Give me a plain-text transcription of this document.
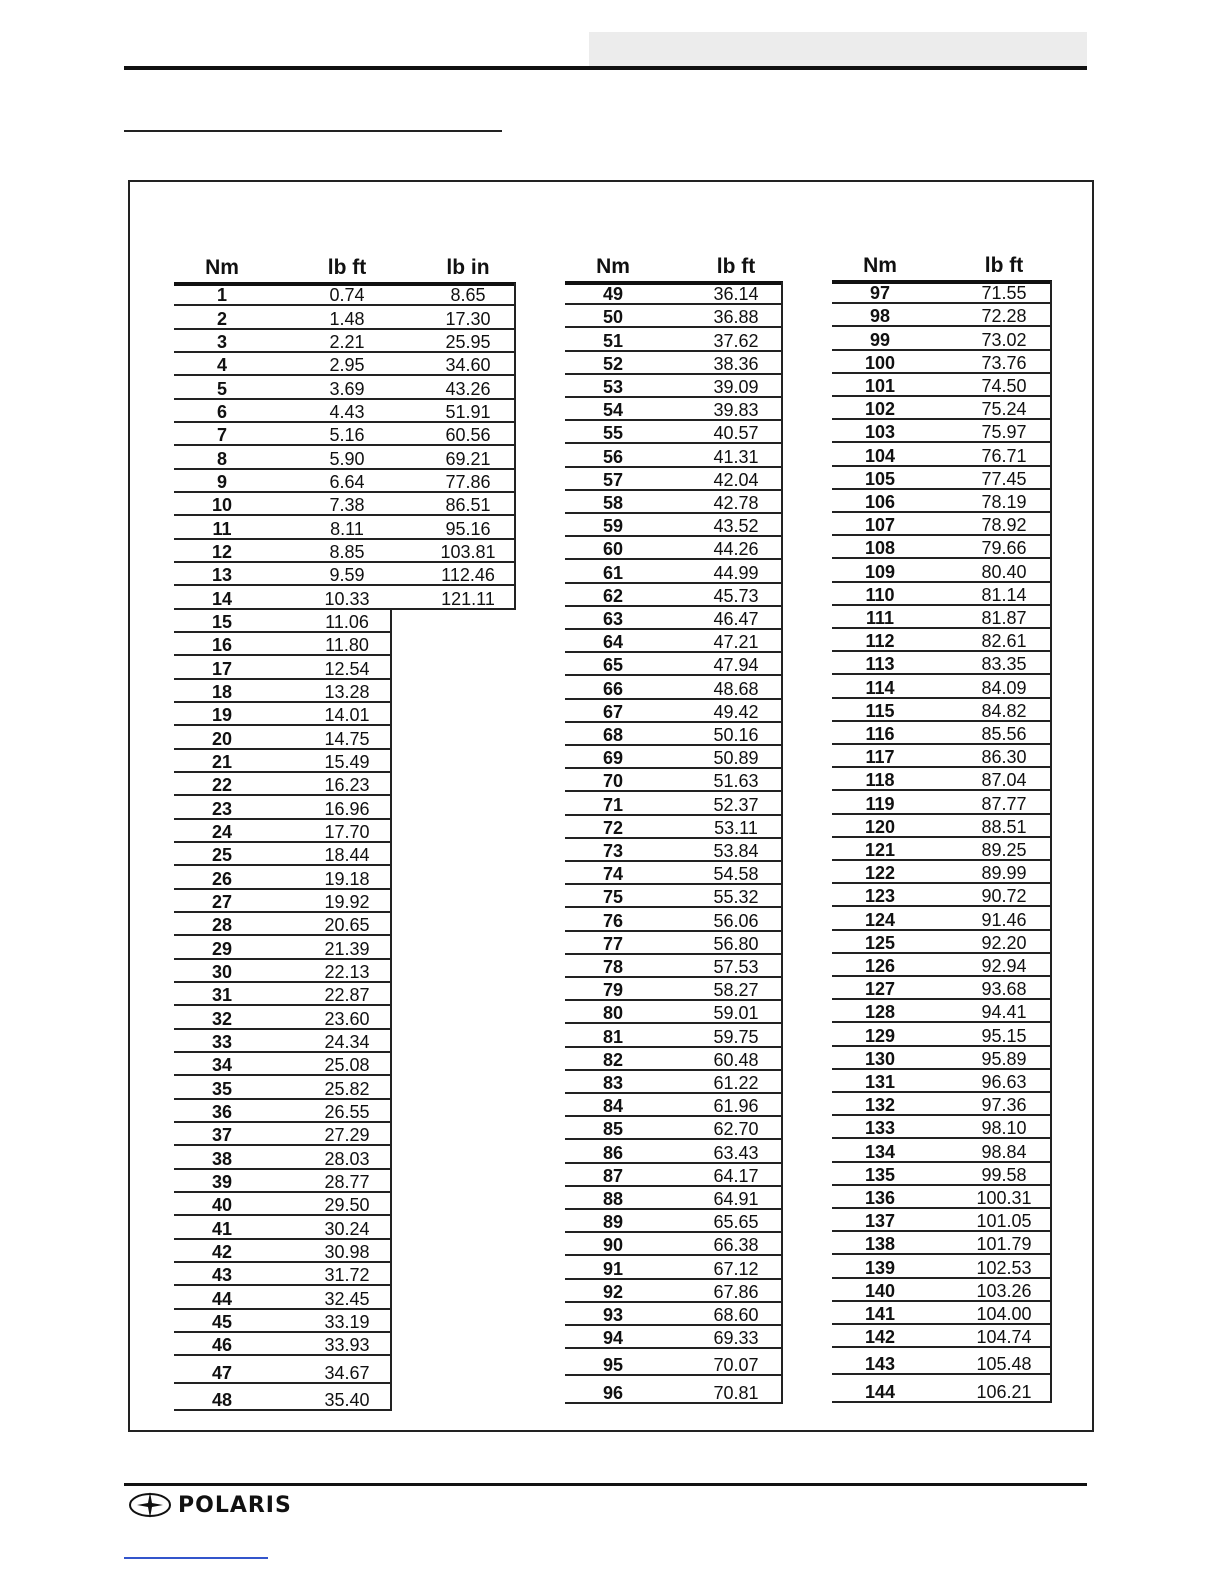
Nm	lb ft	lb in
1	0.74	8.65
2	1.48	17.30
3	2.21	25.95
4	2.95	34.60
5	3.69	43.26
6	4.43	51.91
7	5.16	60.56
8	5.90	69.21
9	6.64	77.86
10	7.38	86.51
11	8.11	95.16
12	8.85	103.81
13	9.59	112.46
14	10.33	121.11
15	11.06
16	11.80
17	12.54
18	13.28
19	14.01
20	14.75
21	15.49
22	16.23
23	16.96
24	17.70
25	18.44
26	19.18
27	19.92
28	20.65
29	21.39
30	22.13
31	22.87
32	23.60
33	24.34
34	25.08
35	25.82
36	26.55
37	27.29
38	28.03
39	28.77
40	29.50
41	30.24
42	30.98
43	31.72
44	32.45
45	33.19
46	33.93
47	34.67
48	35.40
Nm	lb ft
49	36.14
50	36.88
51	37.62
52	38.36
53	39.09
54	39.83
55	40.57
56	41.31
57	42.04
58	42.78
59	43.52
60	44.26
61	44.99
62	45.73
63	46.47
64	47.21
65	47.94
66	48.68
67	49.42
68	50.16
69	50.89
70	51.63
71	52.37
72	53.11
73	53.84
74	54.58
75	55.32
76	56.06
77	56.80
78	57.53
79	58.27
80	59.01
81	59.75
82	60.48
83	61.22
84	61.96
85	62.70
86	63.43
87	64.17
88	64.91
89	65.65
90	66.38
91	67.12
92	67.86
93	68.60
94	69.33
95	70.07
96	70.81
Nm	lb ft
97	71.55
98	72.28
99	73.02
100	73.76
101	74.50
102	75.24
103	75.97
104	76.71
105	77.45
106	78.19
107	78.92
108	79.66
109	80.40
110	81.14
111	81.87
112	82.61
113	83.35
114	84.09
115	84.82
116	85.56
117	86.30
118	87.04
119	87.77
120	88.51
121	89.25
122	89.99
123	90.72
124	91.46
125	92.20
126	92.94
127	93.68
128	94.41
129	95.15
130	95.89
131	96.63
132	97.36
133	98.10
134	98.84
135	99.58
136	100.31
137	101.05
138	101.79
139	102.53
140	103.26
141	104.00
142	104.74
143	105.48
144	106.21
POLARIS
